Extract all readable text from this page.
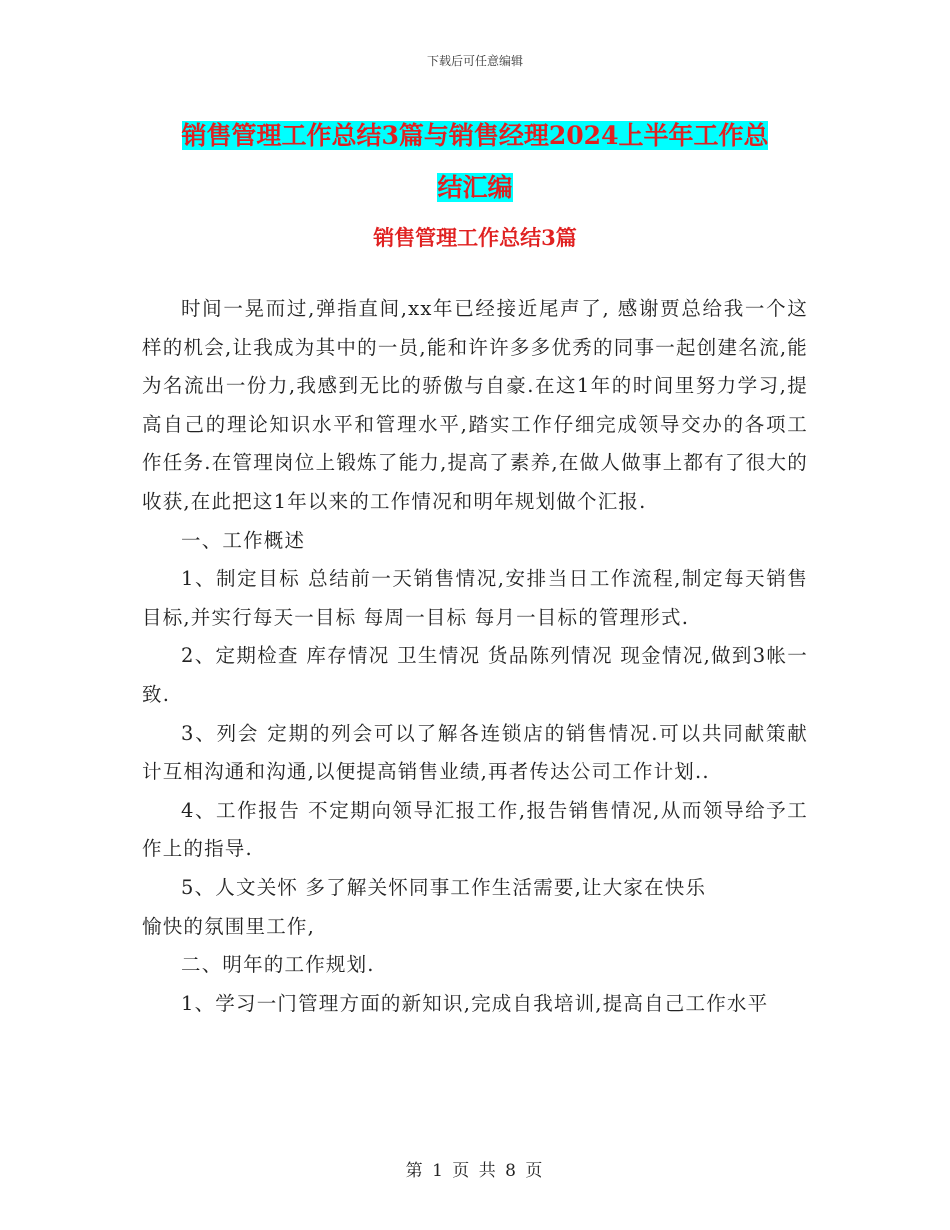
下载后可任意编辑
销售管理工作总结3篇与销售经理2024上半年工作总
结汇编
销售管理工作总结3篇

时间一晃而过,弹指直间,xx年已经接近尾声了, 感谢贾总给我一个这样的机会,让我成为其中的一员,能和许许多多优秀的同事一起创建名流,能为名流出一份力,我感到无比的骄傲与自豪.在这1年的时间里努力学习,提高自己的理论知识水平和管理水平,踏实工作仔细完成领导交办的各项工作任务.在管理岗位上锻炼了能力,提高了素养,在做人做事上都有了很大的收获,在此把这1年以来的工作情况和明年规划做个汇报.

一、工作概述

1、制定目标 总结前一天销售情况,安排当日工作流程,制定每天销售目标,并实行每天一目标 每周一目标 每月一目标的管理形式.

2、定期检查 库存情况 卫生情况 货品陈列情况 现金情况,做到3帐一致.

3、列会 定期的列会可以了解各连锁店的销售情况.可以共同献策献计互相沟通和沟通,以便提高销售业绩,再者传达公司工作计划..

4、工作报告 不定期向领导汇报工作,报告销售情况,从而领导给予工作上的指导.

5、人文关怀 多了解关怀同事工作生活需要,让大家在快乐

愉快的氛围里工作,

二、明年的工作规划.

1、学习一门管理方面的新知识,完成自我培训,提高自己工作水平

第 1 页 共 8 页
